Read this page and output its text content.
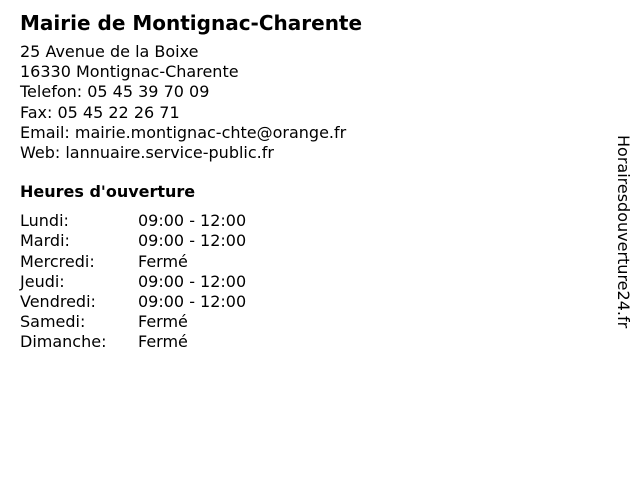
Mairie de Montignac-Charente
25 Avenue de la Boixe
16330 Montignac-Charente
Telefon: 05 45 39 70 09
Fax: 05 45 22 26 71
Email: mairie.montignac-chte@orange.fr
Web: lannuaire.service-public.fr
Heures d'ouverture
Lundi:	09:00 - 12:00
Mardi:	09:00 - 12:00
Mercredi:	Fermé
Jeudi:	09:00 - 12:00
Vendredi:	09:00 - 12:00
Samedi:	Fermé
Dimanche:	Fermé
Horairesdouverture24.fr
